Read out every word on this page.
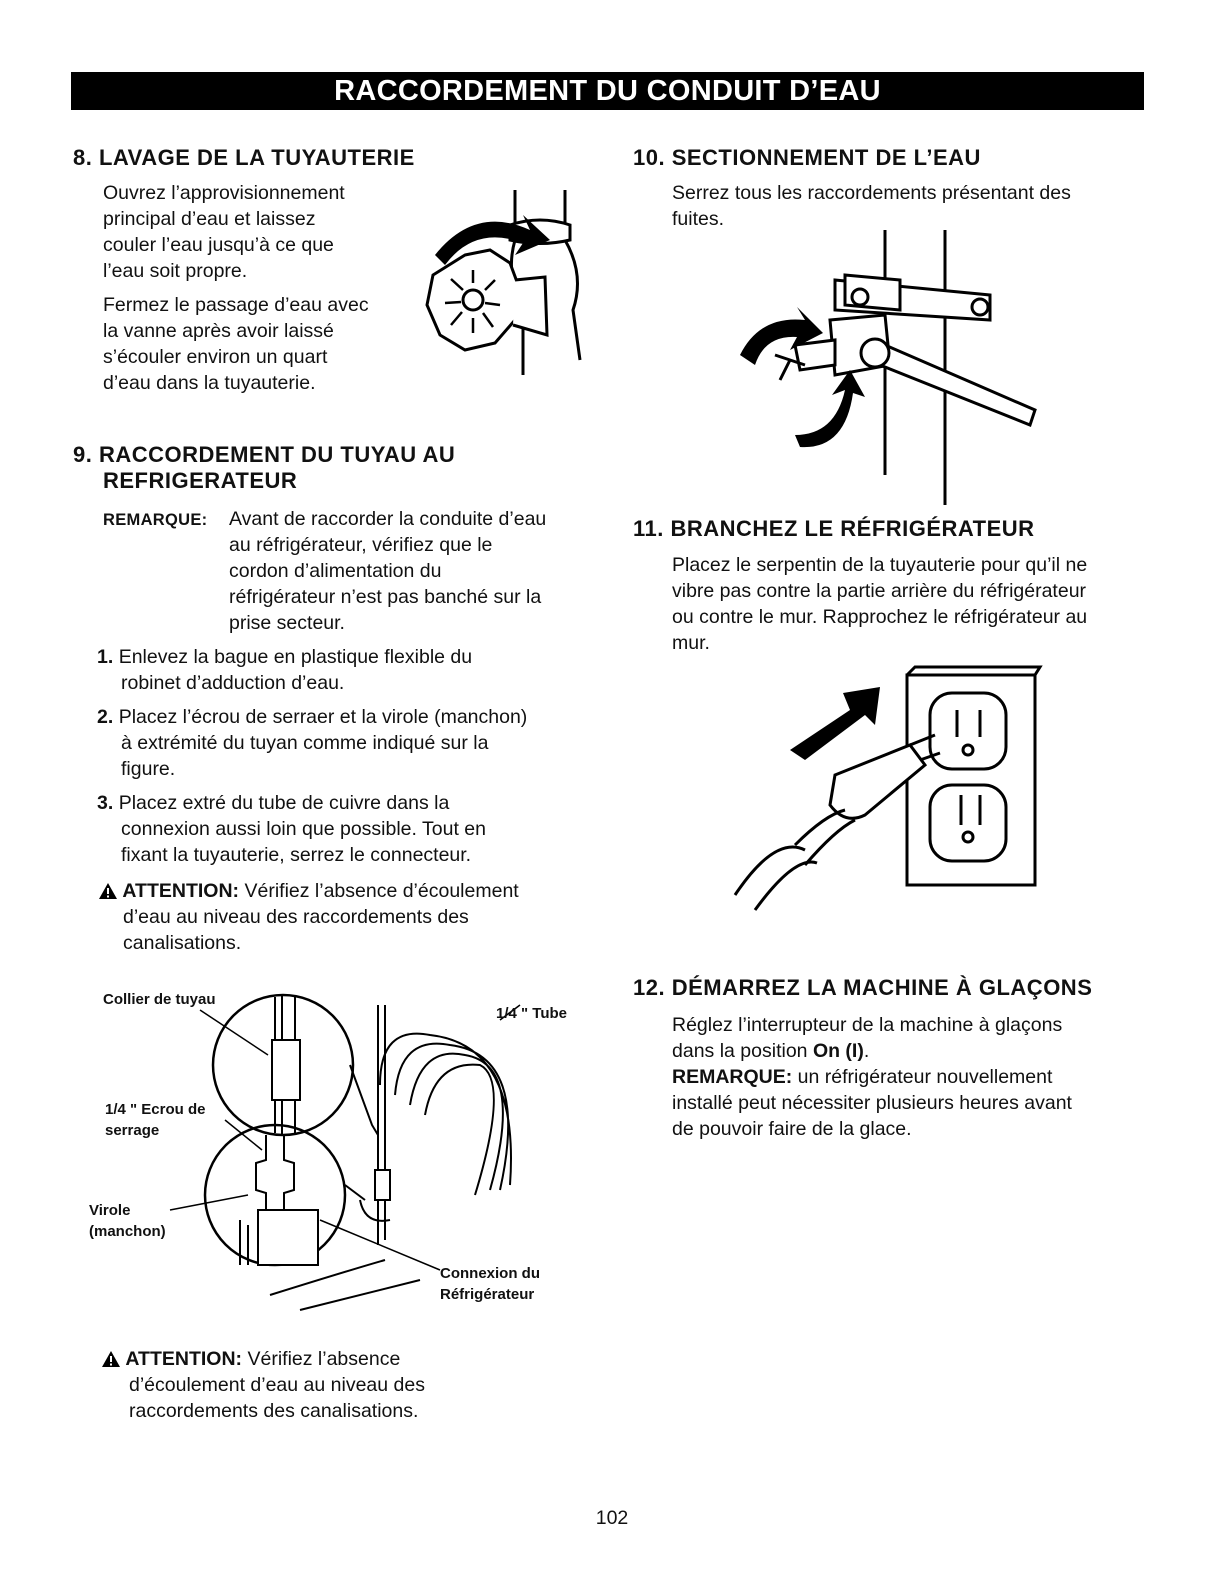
RACCORDEMENT DU CONDUIT D’EAU
8. LAVAGE DE LA TUYAUTERIE
Ouvrez l’approvisionnement
principal d’eau et laissez
couler l’eau jusqu’à ce que
l’eau soit propre.
Fermez le passage d’eau avec
la vanne après avoir laissé
s’écouler environ un quart
d’eau dans la tuyauterie.
9. RACCORDEMENT DU TUYAU AU
REFRIGERATEUR
REMARQUE: Avant de raccorder la conduite d’eau
au réfrigérateur, vérifiez que le
cordon d’alimentation du
réfrigérateur n’est pas banché sur la
prise secteur.
1. Enlevez la bague en plastique flexible du
robinet d’adduction d’eau.
2. Placez l’écrou de serraer et la virole (manchon)
à extrémité du tuyan comme indiqué sur la
figure.
3. Placez extré du tube de cuivre dans la
connexion aussi loin que possible. Tout en
fixant la tuyauterie, serrez le connecteur.
ATTENTION: Vérifiez l’absence d’écoulement
d’eau au niveau des raccordements des
canalisations.
Collier de tuyau
1/4 " Tube
1/4 " Ecrou de
serrage
Virole
(manchon)
Connexion du
Réfrigérateur
ATTENTION: Vérifiez l’absence
d’écoulement d’eau au niveau des
raccordements des canalisations.
10. SECTIONNEMENT DE L’EAU
Serrez tous les raccordements présentant des
fuites.
11. BRANCHEZ LE RÉFRIGÉRATEUR
Placez le serpentin de la tuyauterie pour qu’il ne
vibre pas contre la partie arrière du réfrigérateur
ou contre le mur. Rapprochez le réfrigérateur au
mur.
12. DÉMARREZ LA MACHINE À GLAÇONS
Réglez l’interrupteur de la machine à glaçons
dans la position On (I).
REMARQUE: un réfrigérateur nouvellement
installé peut nécessiter plusieurs heures avant
de pouvoir faire de la glace.
102
